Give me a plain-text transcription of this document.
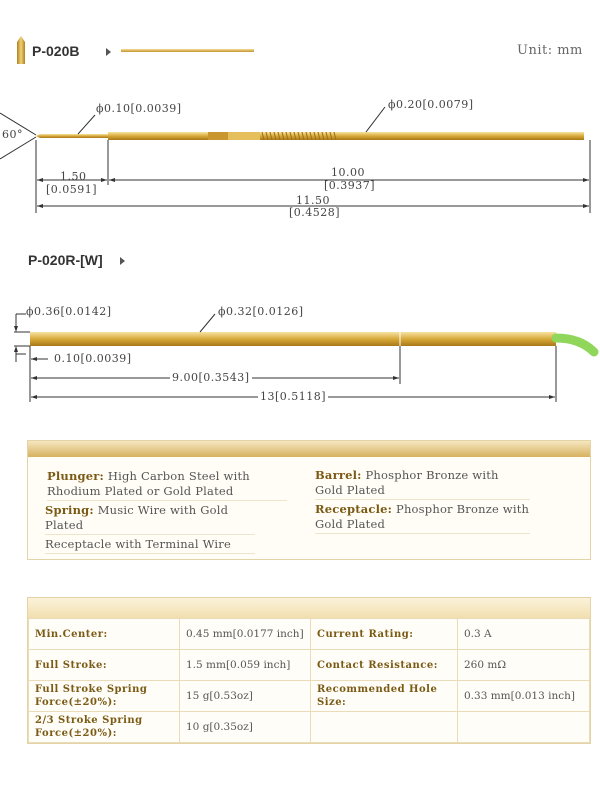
P-020B	Unit: mm
60°
ϕ0.10[0.0039]	ϕ0.20[0.0079]
1.50
[0.0591]
10.00
[0.3937]
11.50
[0.4528]
P-020R-[W]
ϕ0.36[0.0142]	ϕ0.32[0.0126]
0.10[0.0039]
9.00[0.3543]
13[0.5118]
Plunger: High Carbon Steel with Rhodium Plated or Gold Plated
Spring: Music Wire with Gold Plated
Receptacle with Terminal Wire
Barrel: Phosphor Bronze with Gold Plated
Receptacle: Phosphor Bronze with Gold Plated
Min.Center:	0.45 mm[0.0177 inch]	Current Rating:	0.3 A
Full Stroke:	1.5 mm[0.059 inch]	Contact Resistance:	260 mΩ
Full Stroke Spring Force(±20%):	15 g[0.53oz]	Recommended Hole Size:	0.33 mm[0.013 inch]
2/3 Stroke Spring Force(±20%):	10 g[0.35oz]		
